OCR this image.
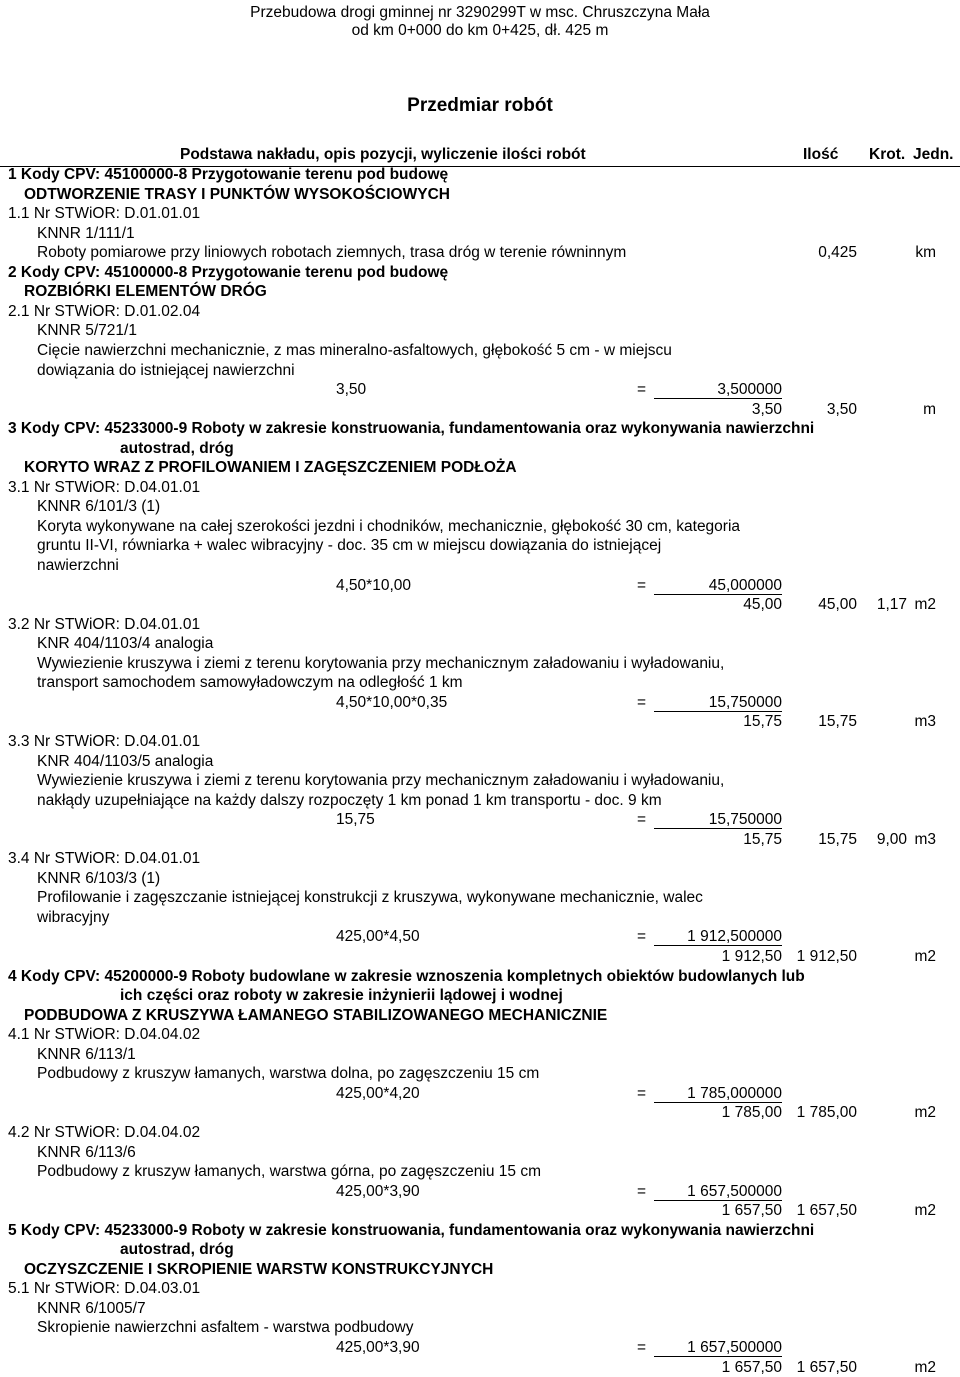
Przebudowa drogi gminnej nr 3290299T w msc. Chruszczyna Mała
od km 0+000 do km 0+425, dł. 425 m
Przedmiar robót
Podstawa nakładu, opis pozycji, wyliczenie ilości robót	Ilość Krot. Jedn.
1 Kody CPV: 45100000-8 Przygotowanie terenu pod budowę
ODTWORZENIE TRASY I PUNKTÓW WYSOKOŚCIOWYCH
1.1 Nr STWiOR: D.01.01.01
KNNR 1/111/1
Roboty pomiarowe przy liniowych robotach ziemnych, trasa dróg w terenie równinnym	0,425	km
2 Kody CPV: 45100000-8 Przygotowanie terenu pod budowę
ROZBIÓRKI ELEMENTÓW DRÓG
2.1 Nr STWiOR: D.01.02.04
KNNR 5/721/1
Cięcie nawierzchni mechanicznie, z mas mineralno-asfaltowych, głębokość 5 cm - w miejscu
dowiązania do istniejącej nawierzchni
3,50	=	3,500000
3,50	3,50	m
3 Kody CPV: 45233000-9 Roboty w zakresie konstruowania, fundamentowania oraz wykonywania nawierzchni
autostrad, dróg
KORYTO WRAZ Z PROFILOWANIEM I ZAGĘSZCZENIEM PODŁOŻA
3.1 Nr STWiOR: D.04.01.01
KNNR 6/101/3 (1)
Koryta wykonywane na całej szerokości jezdni i chodników, mechanicznie, głębokość 30 cm, kategoria
gruntu II-VI, równiarka + walec wibracyjny - doc. 35 cm w miejscu dowiązania do istniejącej
nawierzchni
4,50*10,00	=	45,000000
45,00 45,00 1,17 m2
3.2 Nr STWiOR: D.04.01.01
KNR 404/1103/4 analogia
Wywiezienie kruszywa i ziemi z terenu korytowania przy mechanicznym załadowaniu i wyładowaniu,
transport samochodem samowyładowczym na odległość 1 km
4,50*10,00*0,35	=	15,750000
15,75 15,75	m3
3.3 Nr STWiOR: D.04.01.01
KNR 404/1103/5 analogia
Wywiezienie kruszywa i ziemi z terenu korytowania przy mechanicznym załadowaniu i wyładowaniu,
nakłądy uzupełniające na każdy dalszy rozpoczęty 1 km ponad 1 km transportu - doc. 9 km
15,75	=	15,750000
15,75 15,75 9,00 m3
3.4 Nr STWiOR: D.04.01.01
KNNR 6/103/3 (1)
Profilowanie i zagęszczanie istniejącej konstrukcji z kruszywa, wykonywane mechanicznie, walec
wibracyjny
425,00*4,50	=	1 912,500000
1 912,50 1 912,50	m2
4 Kody CPV: 45200000-9 Roboty budowlane w zakresie wznoszenia kompletnych obiektów budowlanych lub
ich części oraz roboty w zakresie inżynierii lądowej i wodnej
PODBUDOWA Z KRUSZYWA ŁAMANEGO STABILIZOWANEGO MECHANICZNIE
4.1 Nr STWiOR: D.04.04.02
KNNR 6/113/1
Podbudowy z kruszyw łamanych, warstwa dolna, po zagęszczeniu 15 cm
425,00*4,20	=	1 785,000000
1 785,00 1 785,00	m2
4.2 Nr STWiOR: D.04.04.02
KNNR 6/113/6
Podbudowy z kruszyw łamanych, warstwa górna, po zagęszczeniu 15 cm
425,00*3,90	=	1 657,500000
1 657,50 1 657,50	m2
5 Kody CPV: 45233000-9 Roboty w zakresie konstruowania, fundamentowania oraz wykonywania nawierzchni
autostrad, dróg
OCZYSZCZENIE I SKROPIENIE WARSTW KONSTRUKCYJNYCH
5.1 Nr STWiOR: D.04.03.01
KNNR 6/1005/7
Skropienie nawierzchni asfaltem - warstwa podbudowy
425,00*3,90	=	1 657,500000
1 657,50 1 657,50	m2
